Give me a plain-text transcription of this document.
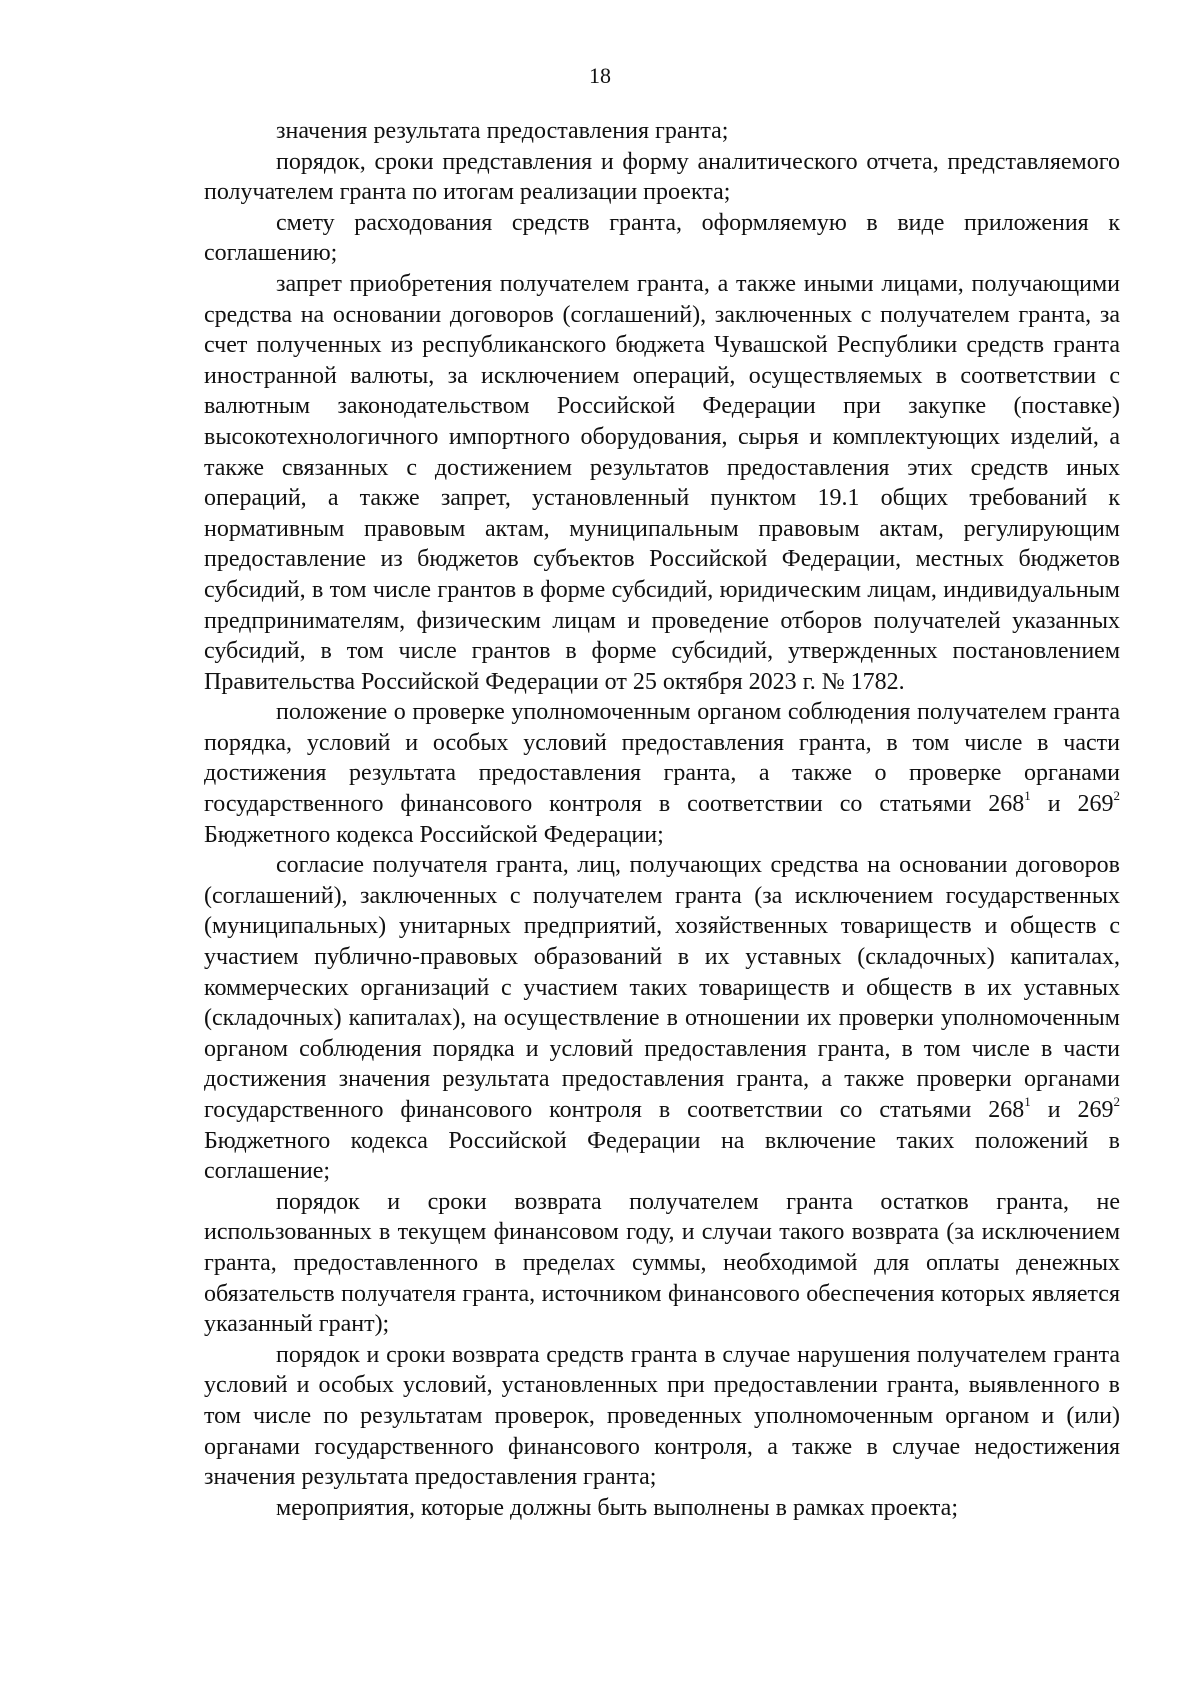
18

значения результата предоставления гранта;

порядок, сроки представления и форму аналитического отчета, представляемого получателем гранта по итогам реализации проекта;

смету расходования средств гранта, оформляемую в виде приложения к соглашению;

запрет приобретения получателем гранта, а также иными лицами, получающими средства на основании договоров (соглашений), заключенных с получателем гранта, за счет полученных из республиканского бюджета Чувашской Республики средств гранта иностранной валюты, за исключением операций, осуществляемых в соответствии с валютным законодательством Российской Федерации при закупке (поставке) высокотехнологичного импортного оборудования, сырья и комплектующих изделий, а также связанных с достижением результатов предоставления этих средств иных операций, а также запрет, установленный пунктом 19.1 общих требований к нормативным правовым актам, муниципальным правовым актам, регулирующим предоставление из бюджетов субъектов Российской Федерации, местных бюджетов субсидий, в том числе грантов в форме субсидий, юридическим лицам, индивидуальным предпринимателям, физическим лицам и проведение отборов получателей указанных субсидий, в том числе грантов в форме субсидий, утвержденных постановлением Правительства Российской Федерации от 25 октября 2023 г. № 1782.

положение о проверке уполномоченным органом соблюдения получателем гранта порядка, условий и особых условий предоставления гранта, в том числе в части достижения результата предоставления гранта, а также о проверке органами государственного финансового контроля в соответствии со статьями $268^1$ и $269^2$ Бюджетного кодекса Российской Федерации;

согласие получателя гранта, лиц, получающих средства на основании договоров (соглашений), заключенных с получателем гранта (за исключением государственных (муниципальных) унитарных предприятий, хозяйственных товариществ и обществ с участием публично-правовых образований в их уставных (складочных) капиталах, коммерческих организаций с участием таких товариществ и обществ в их уставных (складочных) капиталах), на осуществление в отношении их проверки уполномоченным органом соблюдения порядка и условий предоставления гранта, в том числе в части достижения значения результата предоставления гранта, а также проверки органами государственного финансового контроля в соответствии со статьями $268^1$ и $269^2$ Бюджетного кодекса Российской Федерации на включение таких положений в соглашение;

порядок и сроки возврата получателем гранта остатков гранта, не использованных в текущем финансовом году, и случаи такого возврата (за исключением гранта, предоставленного в пределах суммы, необходимой для оплаты денежных обязательств получателя гранта, источником финансового обеспечения которых является указанный грант);

порядок и сроки возврата средств гранта в случае нарушения получателем гранта условий и особых условий, установленных при предоставлении гранта, выявленного в том числе по результатам проверок, проведенных уполномоченным органом и (или) органами государственного финансового контроля, а также в случае недостижения значения результата предоставления гранта;

мероприятия, которые должны быть выполнены в рамках проекта;
